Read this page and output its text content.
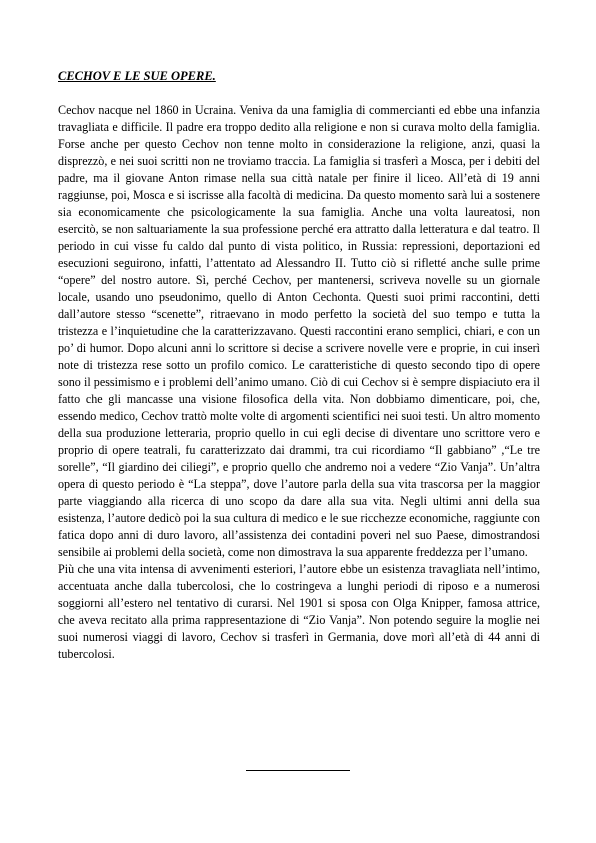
CECHOV E LE SUE OPERE.

Cechov nacque nel 1860 in Ucraina. Veniva da una famiglia di commercianti ed ebbe una infanzia travagliata e difficile. Il padre era troppo dedito alla religione e non si curava molto della famiglia. Forse anche per questo Cechov non tenne molto in considerazione la religione, anzi, quasi la disprezzò, e nei suoi scritti non ne troviamo traccia. La famiglia si trasferì a Mosca, per i debiti del padre, ma il giovane Anton rimase nella sua città natale per finire il liceo. All’età di 19 anni raggiunse, poi, Mosca e si iscrisse alla facoltà di medicina. Da questo momento sarà lui a sostenere sia economicamente che psicologicamente la sua famiglia. Anche una volta laureatosi, non esercitò, se non saltuariamente la sua professione perché era attratto dalla letteratura e dal teatro. Il periodo in cui visse fu caldo dal punto di vista politico, in Russia: repressioni, deportazioni ed esecuzioni seguirono, infatti, l’attentato ad Alessandro II. Tutto ciò si rifletté anche sulle prime “opere” del nostro autore. Sì, perché Cechov, per mantenersi, scriveva novelle su un giornale locale, usando uno pseudonimo, quello di Anton Cechonta. Questi suoi primi raccontini, detti dall’autore stesso “scenette”, ritraevano in modo perfetto la società del suo tempo e tutta la tristezza e l’inquietudine che la caratterizzavano. Questi raccontini erano semplici, chiari, e con un po’ di humor. Dopo alcuni anni lo scrittore si decise a scrivere novelle vere e proprie, in cui inserì note di tristezza rese sotto un profilo comico. Le caratteristiche di questo secondo tipo di opere sono il pessimismo e i problemi dell’animo umano. Ciò di cui Cechov si è sempre dispiaciuto era il fatto che gli mancasse una visione filosofica della vita. Non dobbiamo dimenticare, poi, che, essendo medico, Cechov trattò molte volte di argomenti scientifici nei suoi testi. Un altro momento della sua produzione letteraria, proprio quello in cui egli decise di diventare uno scrittore vero e proprio di opere teatrali, fu caratterizzato dai drammi, tra cui ricordiamo “Il gabbiano” ,“Le tre sorelle”, “Il giardino dei ciliegi”, e proprio quello che andremo noi a vedere “Zio Vanja”. Un’altra opera di questo periodo è “La steppa”, dove l’autore parla della sua vita trascorsa per la maggior parte viaggiando alla ricerca di uno scopo da dare alla sua vita. Negli ultimi anni della sua esistenza, l’autore dedicò poi la sua cultura di medico e le sue ricchezze economiche, raggiunte con fatica dopo anni di duro lavoro, all’assistenza dei contadini poveri nel suo Paese, dimostrandosi sensibile ai problemi della società, come non dimostrava la sua apparente freddezza per l’umano.

Più che una vita intensa di avvenimenti esteriori, l’autore ebbe un esistenza travagliata nell’intimo, accentuata anche dalla tubercolosi, che lo costringeva a lunghi periodi di riposo e a numerosi soggiorni all’estero nel tentativo di curarsi. Nel 1901 si sposa con Olga Knipper, famosa attrice, che aveva recitato alla prima rappresentazione di “Zio Vanja”. Non potendo seguire la moglie nei suoi numerosi viaggi di lavoro, Cechov si trasferì in Germania, dove morì all’età di 44 anni di tubercolosi.
